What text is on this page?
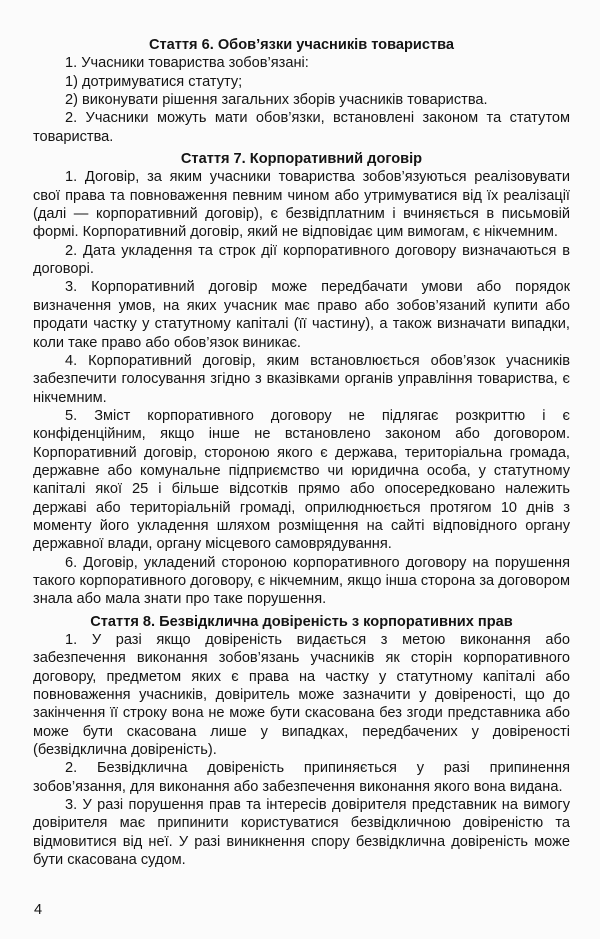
Стаття 6. Обов’язки учасників товариства

1. Учасники товариства зобов’язані:

1) дотримуватися статуту;

2) виконувати рішення загальних зборів учасників товариства.

2. Учасники можуть мати обов’язки, встановлені законом та статутом товариства.

Стаття 7. Корпоративний договір

1. Договір, за яким учасники товариства зобов’язуються реалізовувати свої права та повноваження певним чином або утримуватися від їх реалізації (далі — корпоративний договір), є безвідплатним і вчиняється в письмовій формі. Корпоративний договір, який не відповідає цим вимогам, є нікчемним.

2. Дата укладення та строк дії корпоративного договору визначаються в договорі.

3. Корпоративний договір може передбачати умови або порядок визначення умов, на яких учасник має право або зобов’язаний купити або продати частку у статутному капіталі (її частину), а також визначати випадки, коли таке право або обов’язок виникає.

4. Корпоративний договір, яким встановлюється обов’язок учасників забезпечити голосування згідно з вказівками органів управління товариства, є нікчемним.

5. Зміст корпоративного договору не підлягає розкриттю і є конфіденційним, якщо інше не встановлено законом або договором. Корпоративний договір, стороною якого є держава, територіальна громада, державне або комунальне підприємство чи юридична особа, у статутному капіталі якої 25 і більше відсотків прямо або опосередковано належить державі або територіальній громаді, оприлюднюється протягом 10 днів з моменту його укладення шляхом розміщення на сайті відповідного органу державної влади, органу місцевого самоврядування.

6. Договір, укладений стороною корпоративного договору на порушення такого корпоративного договору, є нікчемним, якщо інша сторона за договором знала або мала знати про таке порушення.

Стаття 8. Безвідклична довіреність з корпоративних прав

1. У разі якщо довіреність видається з метою виконання або забезпечення виконання зобов’язань учасників як сторін корпоративного договору, предметом яких є права на частку у статутному капіталі або повноваження учасників, довіритель може зазначити у довіреності, що до закінчення її строку вона не може бути скасована без згоди представника або може бути скасована лише у випадках, передбачених у довіреності (безвідклична довіреність).

2. Безвідклична довіреність припиняється у разі припинення зобов’язання, для виконання або забезпечення виконання якого вона видана.

3. У разі порушення прав та інтересів довірителя представник на вимогу довірителя має припинити користуватися безвідкличною довіреністю та відмовитися від неї. У разі виникнення спору безвідклична довіреність може бути скасована судом.

4
